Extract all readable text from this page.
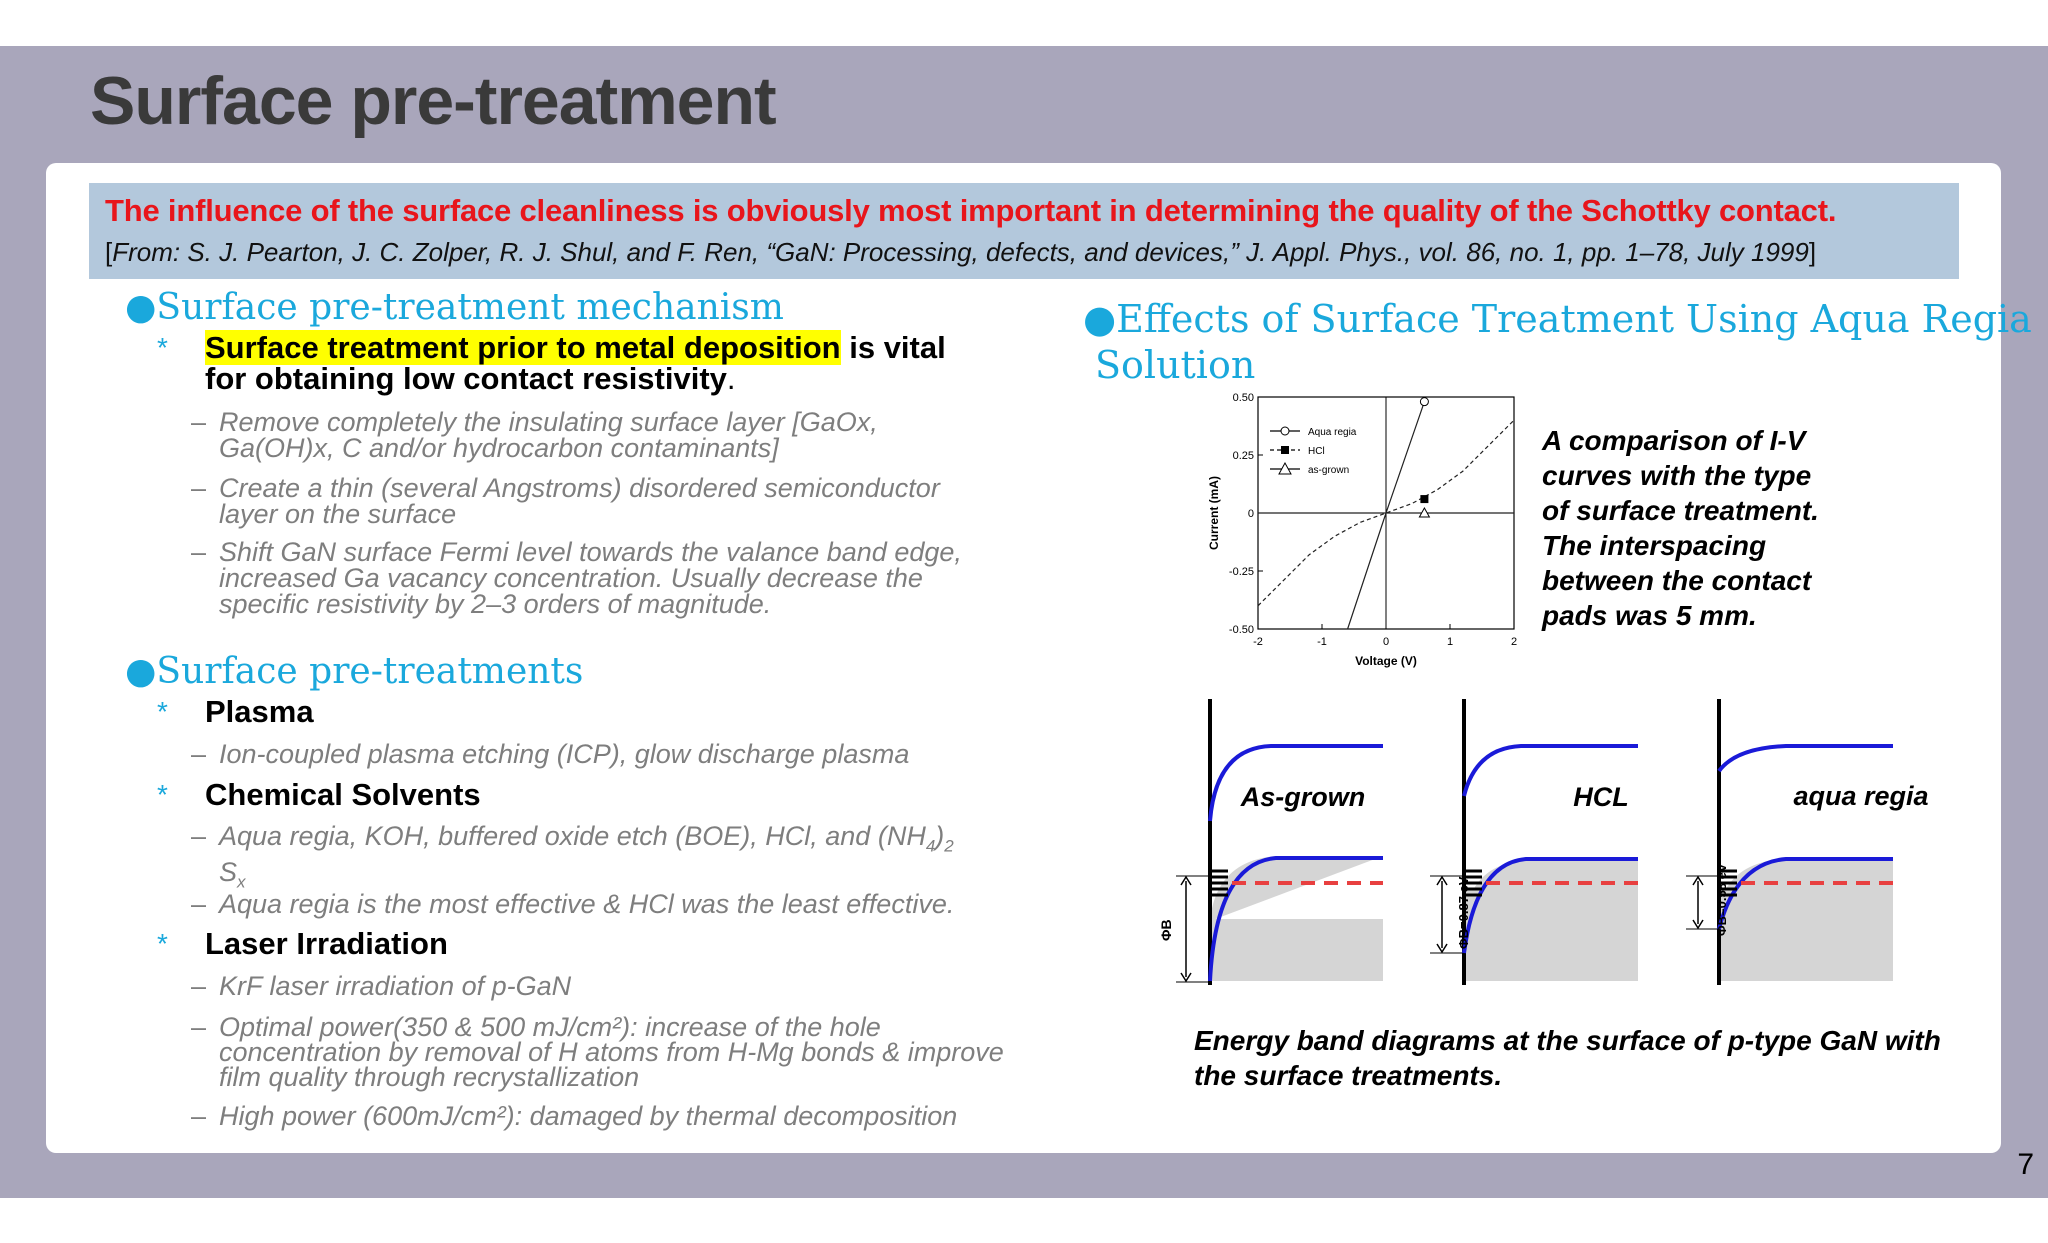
Surface pre-treatment
The influence of the surface cleanliness is obviously most important in determining the quality of the Schottky contact.
[From: S. J. Pearton, J. C. Zolper, R. J. Shul, and F. Ren, “GaN: Processing, defects, and devices,” J. Appl. Phys., vol. 86, no. 1, pp. 1–78, July 1999]
●Surface pre-treatment mechanism
* Surface treatment prior to metal deposition is vital
for obtaining low contact resistivity.
– Remove completely the insulating surface layer [GaOx,
Ga(OH)x, C and/or hydrocarbon contaminants]
– Create a thin (several Angstroms) disordered semiconductor
layer on the surface
– Shift GaN surface Fermi level towards the valance band edge,
increased Ga vacancy concentration. Usually decrease the
specific resistivity by 2–3 orders of magnitude.
●Surface pre-treatments
* Plasma
– Ion-coupled plasma etching (ICP), glow discharge plasma
* Chemical Solvents
– Aqua regia, KOH, buffered oxide etch (BOE), HCl, and $(NH_4)_2$
$S_x$
– Aqua regia is the most effective & HCl was the least effective.
* Laser Irradiation
– KrF laser irradiation of p-GaN
– Optimal power(350 & 500 mJ/cm²): increase of the hole
concentration by removal of H atoms from H-Mg bonds & improve
film quality through recrystallization
– High power (600mJ/cm²): damaged by thermal decomposition
●Effects of Surface Treatment Using Aqua Regia
Solution
-2	-1	0	1	2
0.50
0.25
0
-0.25
-0.50
Voltage (V)
Current (mA)
Aqua regia
HCl
as-grown
A comparison of I-V
curves with the type
of surface treatment.
The interspacing
between the contact
pads was 5 mm.
ΦB
As-grown
ΦB=0.87 eV
HCL
ΦB=0.58 eV
aqua regia
Energy band diagrams at the surface of p-type GaN with
the surface treatments.
7
